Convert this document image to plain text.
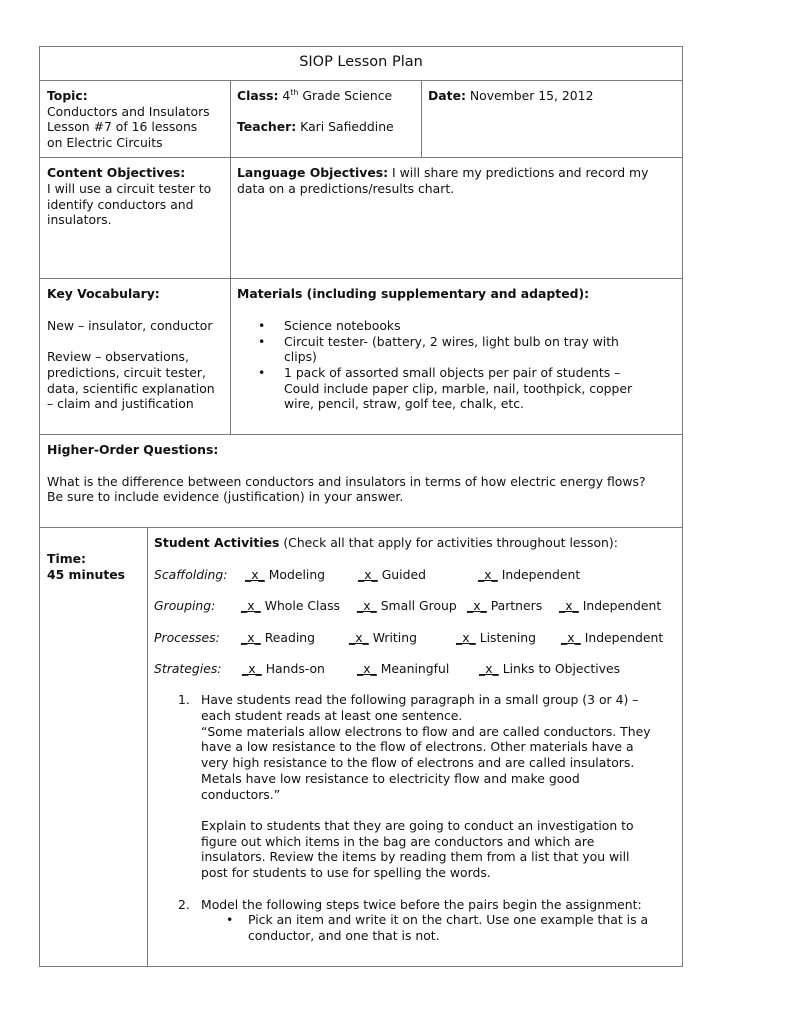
SIOP Lesson Plan
Topic:
Conductors and Insulators
Lesson #7 of 16 lessons
on Electric Circuits
Class: 4th Grade Science
Teacher: Kari Safieddine
Date: November 15, 2012
Content Objectives:
I will use a circuit tester to
identify conductors and
insulators.
Language Objectives: I will share my predictions and record my
data on a predictions/results chart.
Key Vocabulary:
New – insulator, conductor
Review – observations,
predictions, circuit tester,
data, scientific explanation
– claim and justification
Materials (including supplementary and adapted):
• Science notebooks
• Circuit tester- (battery, 2 wires, light bulb on tray with
clips)
• 1 pack of assorted small objects per pair of students –
Could include paper clip, marble, nail, toothpick, copper
wire, pencil, straw, golf tee, chalk, etc.
Higher-Order Questions:
What is the difference between conductors and insulators in terms of how electric energy flows?
Be sure to include evidence (justification) in your answer.
Time:
45 minutes
Student Activities (Check all that apply for activities throughout lesson):
Scaffolding: _x_ Modeling	_x_ Guided	_x_ Independent
Grouping: _x_ Whole Class _x_ Small Group _x_ Partners _x_ Independent
Processes: _x_ Reading	_x_ Writing	_x_ Listening _x_ Independent
Strategies: _x_ Hands-on	_x_ Meaningful _x_ Links to Objectives
1. Have students read the following paragraph in a small group (3 or 4) –
each student reads at least one sentence.
“Some materials allow electrons to flow and are called conductors. They
have a low resistance to the flow of electrons. Other materials have a
very high resistance to the flow of electrons and are called insulators.
Metals have low resistance to electricity flow and make good
conductors.”
Explain to students that they are going to conduct an investigation to
figure out which items in the bag are conductors and which are
insulators. Review the items by reading them from a list that you will
post for students to use for spelling the words.
2. Model the following steps twice before the pairs begin the assignment:
• Pick an item and write it on the chart. Use one example that is a
conductor, and one that is not.
